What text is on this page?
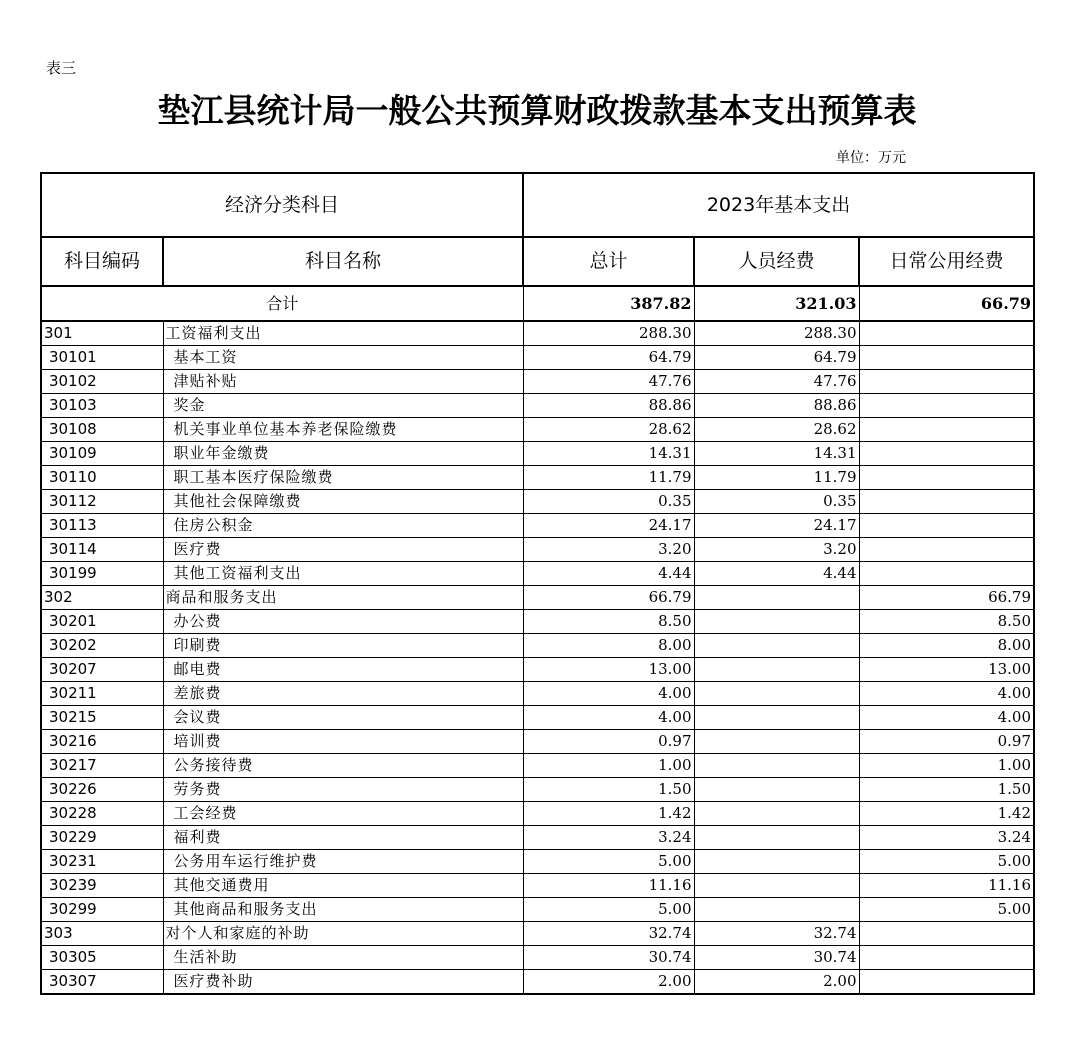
表三
垫江县统计局一般公共预算财政拨款基本支出预算表
单位：万元
经济分类科目		2023年基本支出		
科目编码	科目名称	总计	人员经费	日常公用经费
合计		387.82	321.03	66.79
301	工资福利支出	288.30	288.30	
30101	基本工资	64.79	64.79	
30102	津贴补贴	47.76	47.76	
30103	奖金	88.86	88.86	
30108	机关事业单位基本养老保险缴费	28.62	28.62	
30109	职业年金缴费	14.31	14.31	
30110	职工基本医疗保险缴费	11.79	11.79	
30112	其他社会保障缴费	0.35	0.35	
30113	住房公积金	24.17	24.17	
30114	医疗费	3.20	3.20	
30199	其他工资福利支出	4.44	4.44	
302	商品和服务支出	66.79		66.79
30201	办公费	8.50		8.50
30202	印刷费	8.00		8.00
30207	邮电费	13.00		13.00
30211	差旅费	4.00		4.00
30215	会议费	4.00		4.00
30216	培训费	0.97		0.97
30217	公务接待费	1.00		1.00
30226	劳务费	1.50		1.50
30228	工会经费	1.42		1.42
30229	福利费	3.24		3.24
30231	公务用车运行维护费	5.00		5.00
30239	其他交通费用	11.16		11.16
30299	其他商品和服务支出	5.00		5.00
303	对个人和家庭的补助	32.74	32.74	
30305	生活补助	30.74	30.74	
30307	医疗费补助	2.00	2.00	
